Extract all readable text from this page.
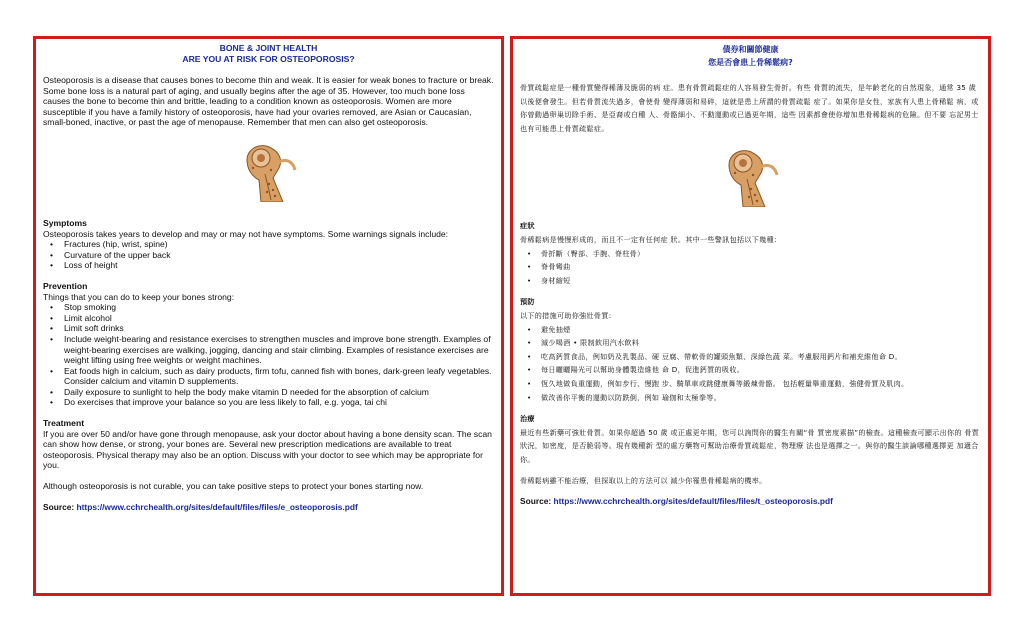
BONE & JOINT HEALTH
ARE YOU AT RISK FOR OSTEOPOROSIS?

Osteoporosis is a disease that causes bones to become thin and weak. It is easier for weak bones to fracture or break. Some bone loss is a natural part of aging, and usually begins after the age of 35. However, too much bone loss causes the bone to become thin and brittle, leading to a condition known as osteoporosis. Women are more susceptible if you have a family history of osteoporosis, have had your ovaries removed, are Asian or Caucasian, small-boned, inactive, or past the age of menopause. Remember that men can also get osteoporosis.

Symptoms

Osteoporosis takes years to develop and may or may not have symptoms. Some warnings signals include:

• Fractures (hip, wrist, spine)
• Curvature of the upper back
• Loss of height
Prevention

Things that you can do to keep your bones strong:

• Stop smoking
• Limit alcohol
• Limit soft drinks
• Include weight-bearing and resistance exercises to strengthen muscles and improve bone strength. Examples of weight-bearing exercises are walking, jogging, dancing and stair climbing. Examples of resistance exercises are weight lifting using free weights or weight machines.
• Eat foods high in calcium, such as dairy products, firm tofu, canned fish with bones, dark-green leafy vegetables. Consider calcium and vitamin D supplements.
• Daily exposure to sunlight to help the body make vitamin D needed for the absorption of calcium
• Do exercises that improve your balance so you are less likely to fall, e.g. yoga, tai chi
Treatment

If you are over 50 and/or have gone through menopause, ask your doctor about having a bone density scan. The scan can show how dense, or strong, your bones are. Several new prescription medications are available to treat osteoporosis. Physical therapy may also be an option. Discuss with your doctor to see which may be appropriate for you.

Although osteoporosis is not curable, you can take positive steps to protect your bones starting now.

Source: https://www.cchrchealth.org/sites/default/files/files/e_osteoporosis.pdf

債券和關節健康
您是否會患上骨稀鬆病?

骨質疏鬆症是一種骨質變得稀薄及脆弱的病 症。患有骨質疏鬆症的人容易發生骨折。有些 骨質的流失，是年齡老化的自然現象，通常 35 歲以後便會發生。但若骨質流失過多，會使骨 變得薄弱和易碎，這就是患上所謂的骨質疏鬆 症了。如果你是女性，家族有人患上骨稀鬆 病，或你曾動過卵巢切除手術、是亞裔或白種 人、骨骼細小、不動運動或已過更年期，這些 因素都會使你增加患骨稀鬆病的危險。但不要 忘記男士也有可能患上骨質疏鬆症。

症狀

骨稀鬆病是慢慢形成的，而且不一定有任何症 狀。其中一些警訊包括以下幾種：

• 骨折斷（臀部、手腕、脊柱骨）
• 脊骨彎曲
• 身材縮短
預防

以下的措施可助你強壯骨質:

• 避免抽煙
• 減少喝酒 • 限制飲用汽水飲料
• 吃高鈣質食品，例如奶及乳製品、硬 豆腐、帶軟骨的罐頭魚類、深綠色蔬 菜。考慮服用鈣片和補充維他命 D。
• 每日曬曬陽光可以幫助身體製造維他 命 D，促進鈣質的吸收。
• 恆久地做負重運動，例如步行、慢跑 步、騎單車或跳健康舞等鍛煉骨骼。 包括輕量舉重運動，強健骨質及肌肉。
• 做改善你平衡的運動以防跌倒，例如 瑜伽和太極拳等。
治療

最近有些新藥可強壯骨質。如果你超過 50 歲 或正處更年期，您可以詢問你的醫生有關“骨 質密度素描”的檢查。這種檢查可顯示出你的 骨質狀況，如密度，是否脆弱等。現有幾種新 型的處方藥物可幫助治療骨質疏鬆症，物理療 法也是選擇之一。與你的醫生談論哪種選擇更 加適合你。

骨稀鬆病雖不能治療，但採取以上的方法可以 減少你罹患骨稀鬆病的機率。

Source: https://www.cchrchealth.org/sites/default/files/files/t_osteoporosis.pdf
